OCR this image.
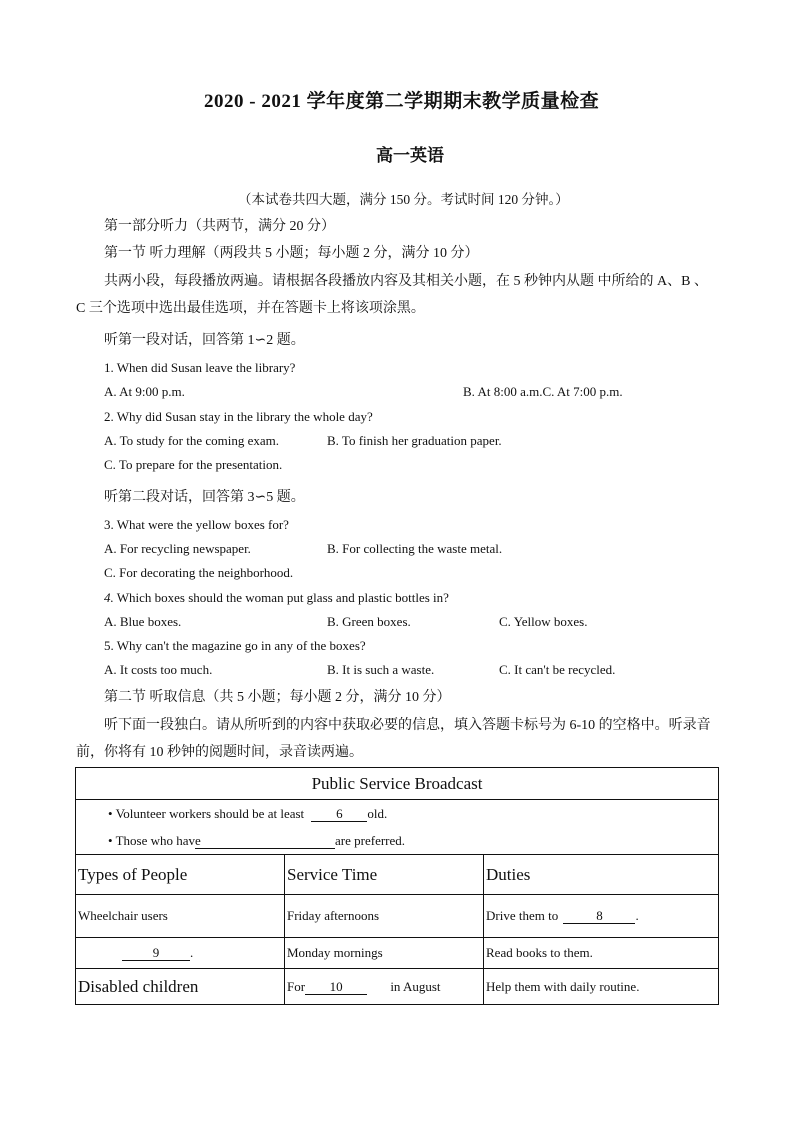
2020 - 2021 学年度第二学期期末教学质量检查
高一英语
（本试卷共四大题，满分 150 分。考试时间 120 分钟。）
第一部分听力（共两节，满分 20 分）
第一节 听力理解（两段共 5 小题；每小题 2 分，满分 10 分）
共两小段，每段播放两遍。请根据各段播放内容及其相关小题，在 5 秒钟内从题 中所给的 A、B 、
C 三个选项中选出最佳选项，并在答题卡上将该项涂黑。
听第一段对话，回答第 1∽2 题。
1. When did Susan leave the library?
A. At 9:00 p.m.	B. At 8:00 a.m.C. At 7:00 p.m.
2. Why did Susan stay in the library the whole day?
A. To study for the coming exam.	B. To finish her graduation paper.
C. To prepare for the presentation.
听第二段对话，回答第 3∽5 题。
3. What were the yellow boxes for?
A. For recycling newspaper.	B. For collecting the waste metal.
C. For decorating the neighborhood.
4. Which boxes should the woman put glass and plastic bottles in?
A. Blue boxes.	B. Green boxes.	C. Yellow boxes.
5. Why can't the magazine go in any of the boxes?
A. It costs too much.	B. It is such a waste.	C. It can't be recycled.
第二节 听取信息（共 5 小题；每小题 2 分，满分 10 分）
听下面一段独白。请从所听到的内容中获取必要的信息，填入答题卡标号为 6-10 的空格中。听录音
前，你将有 10 秒钟的阅题时间，录音读两遍。
Public Service Broadcast		

• Volunteer workers should be at least 6 old.
• Those who have are preferred.		

Types of People	Service Time	Duties
Wheelchair users	Friday afternoons	Drive them to 8 .
9 .	Monday mornings	Read books to them.
Disabled children	For 10 in August	Help them with daily routine.
